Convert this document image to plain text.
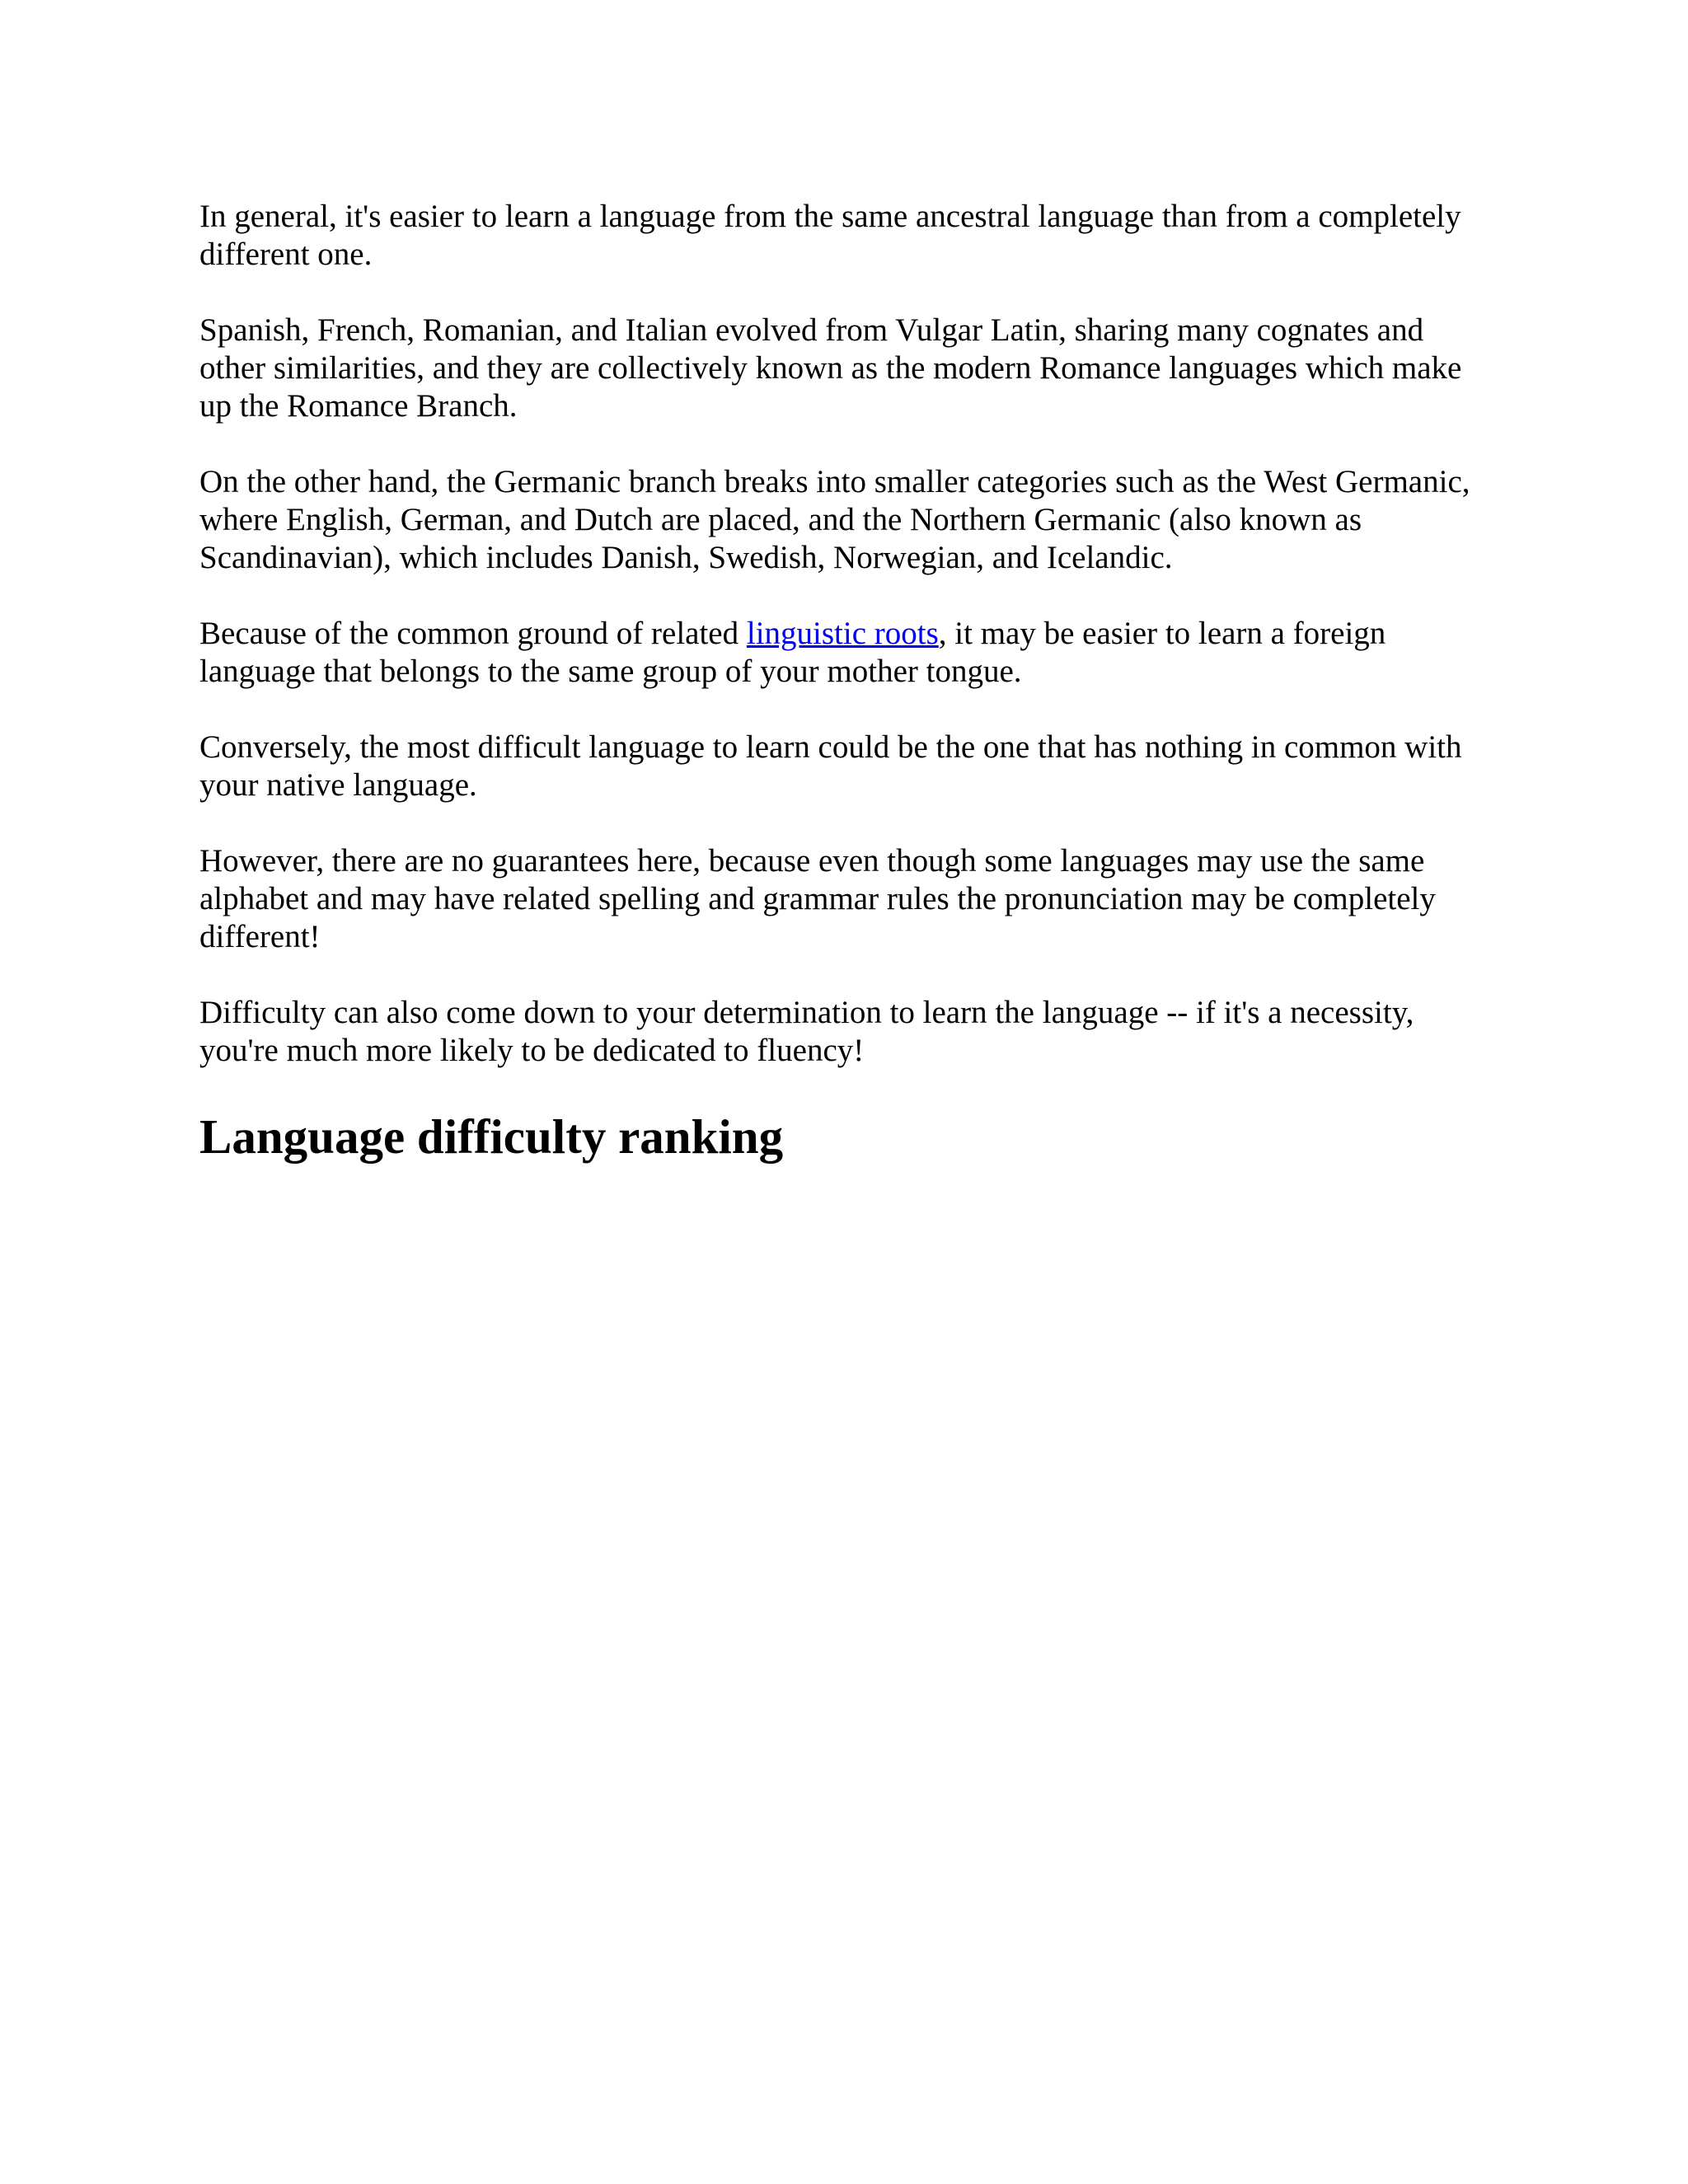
In general, it's easier to learn a language from the same ancestral language than from a completely different one.

Spanish, French, Romanian, and Italian evolved from Vulgar Latin, sharing many cognates and other similarities, and they are collectively known as the modern Romance languages which make up the Romance Branch.

On the other hand, the Germanic branch breaks into smaller categories such as the West Germanic, where English, German, and Dutch are placed, and the Northern Germanic (also known as Scandinavian), which includes Danish, Swedish, Norwegian, and Icelandic.

Because of the common ground of related linguistic roots, it may be easier to learn a foreign language that belongs to the same group of your mother tongue.

Conversely, the most difficult language to learn could be the one that has nothing in common with your native language.

However, there are no guarantees here, because even though some languages may use the same alphabet and may have related spelling and grammar rules the pronunciation may be completely different!

Difficulty can also come down to your determination to learn the language -- if it's a necessity, you're much more likely to be dedicated to fluency!

Language difficulty ranking
